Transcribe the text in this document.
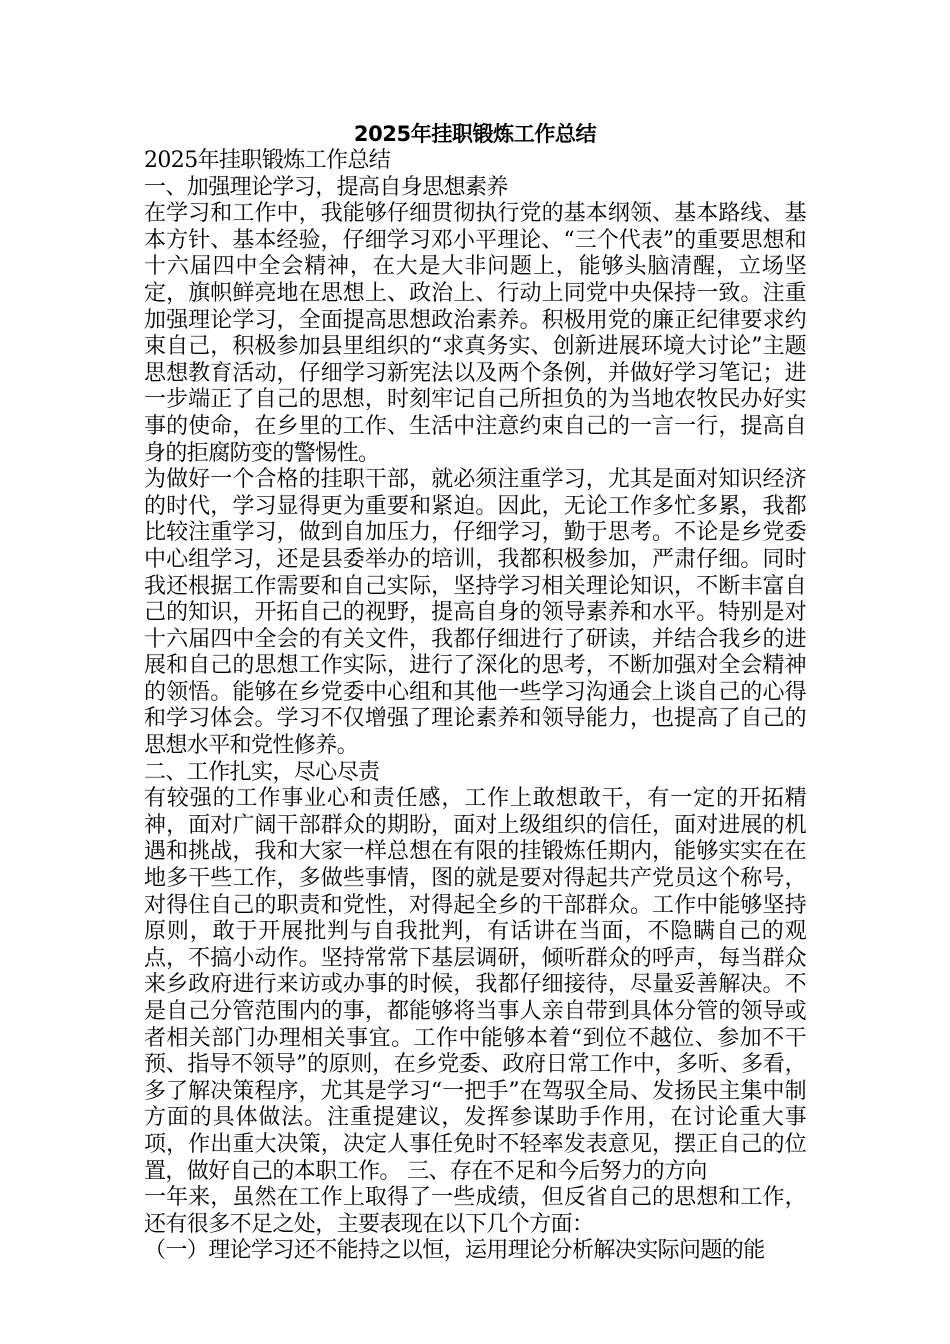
2025年挂职锻炼工作总结

2025年挂职锻炼工作总结

一、加强理论学习，提高自身思想素养

在学习和工作中，我能够仔细贯彻执行党的基本纲领、基本路线、基本方针、基本经验，仔细学习邓小平理论、“三个代表”的重要思想和十六届四中全会精神，在大是大非问题上，能够头脑清醒，立场坚定，旗帜鲜亮地在思想上、政治上、行动上同党中央保持一致。注重加强理论学习，全面提高思想政治素养。积极用党的廉正纪律要求约束自己，积极参加县里组织的“求真务实、创新进展环境大讨论”主题思想教育活动，仔细学习新宪法以及两个条例，并做好学习笔记；进一步端正了自己的思想，时刻牢记自己所担负的为当地农牧民办好实事的使命，在乡里的工作、生活中注意约束自己的一言一行，提高自身的拒腐防变的警惕性。

为做好一个合格的挂职干部，就必须注重学习，尤其是面对知识经济的时代，学习显得更为重要和紧迫。因此，无论工作多忙多累，我都比较注重学习，做到自加压力，仔细学习，勤于思考。不论是乡党委中心组学习，还是县委举办的培训，我都积极参加，严肃仔细。同时我还根据工作需要和自己实际，坚持学习相关理论知识，不断丰富自己的知识，开拓自己的视野，提高自身的领导素养和水平。特别是对十六届四中全会的有关文件，我都仔细进行了研读，并结合我乡的进展和自己的思想工作实际，进行了深化的思考，不断加强对全会精神的领悟。能够在乡党委中心组和其他一些学习沟通会上谈自己的心得和学习体会。学习不仅增强了理论素养和领导能力，也提高了自己的思想水平和党性修养。

二、工作扎实，尽心尽责

有较强的工作事业心和责任感，工作上敢想敢干，有一定的开拓精神，面对广阔干部群众的期盼，面对上级组织的信任，面对进展的机遇和挑战，我和大家一样总想在有限的挂锻炼任期内，能够实实在在地多干些工作，多做些事情，图的就是要对得起共产党员这个称号，对得住自己的职责和党性，对得起全乡的干部群众。工作中能够坚持原则，敢于开展批判与自我批判，有话讲在当面，不隐瞒自己的观点，不搞小动作。坚持常常下基层调研，倾听群众的呼声，每当群众来乡政府进行来访或办事的时候，我都仔细接待，尽量妥善解决。不是自己分管范围内的事，都能够将当事人亲自带到具体分管的领导或者相关部门办理相关事宜。工作中能够本着“到位不越位、参加不干预、指导不领导”的原则，在乡党委、政府日常工作中，多听、多看，多了解决策程序，尤其是学习“一把手”在驾驭全局、发扬民主集中制方面的具体做法。注重提建议，发挥参谋助手作用，在讨论重大事项，作出重大决策，决定人事任免时不轻率发表意见，摆正自己的位置，做好自己的本职工作。 三、存在不足和今后努力的方向

一年来，虽然在工作上取得了一些成绩，但反省自己的思想和工作，还有很多不足之处，主要表现在以下几个方面：

（一）理论学习还不能持之以恒，运用理论分析解决实际问题的能
